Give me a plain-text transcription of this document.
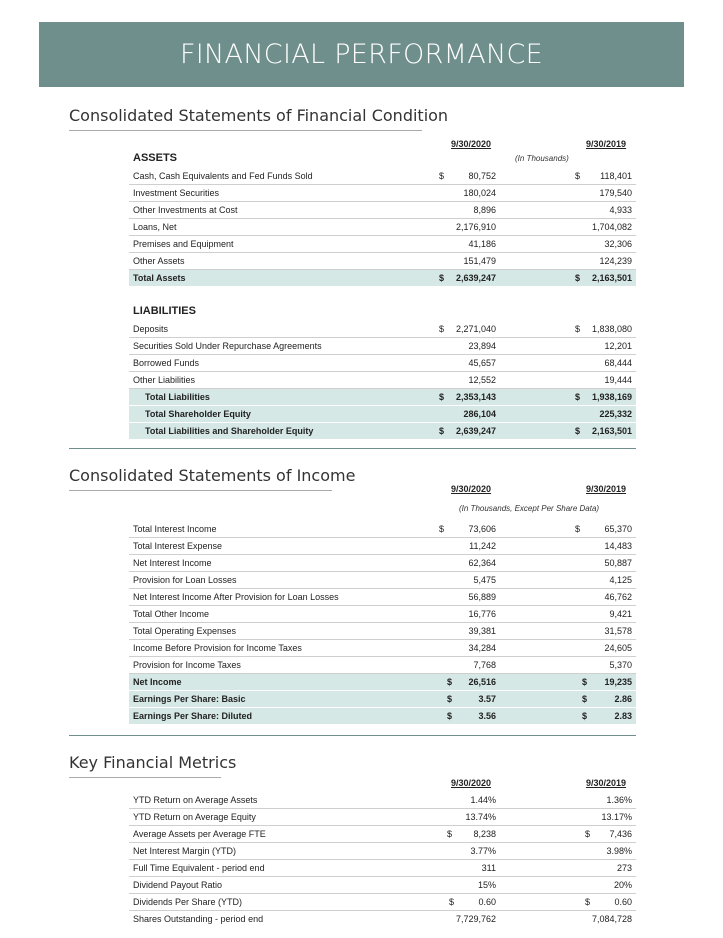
FINANCIAL PERFORMANCE
Consolidated Statements of Financial Condition
9/30/2020	9/30/2019
(In Thousands)
ASSETS
Cash, Cash Equivalents and Fed Funds Sold	$	80,752	$ 118,401
Investment Securities	180,024	179,540
Other Investments at Cost	8,896	4,933
Loans, Net	2,176,910	1,704,082
Premises and Equipment	41,186	32,306
Other Assets	151,479	124,239
Total Assets	$ 2,639,247	$ 2,163,501
LIABILITIES
Deposits	$ 2,271,040	$ 1,838,080
Securities Sold Under Repurchase Agreements	23,894	12,201
Borrowed Funds	45,657	68,444
Other Liabilities	12,552	19,444
Total Liabilities	$ 2,353,143	$ 1,938,169
Total Shareholder Equity	286,104	225,332
Total Liabilities and Shareholder Equity	$ 2,639,247	$ 2,163,501
Consolidated Statements of Income
9/30/2020	9/30/2019
(In Thousands, Except Per Share Data)
Total Interest Income	$	73,606	$	65,370
Total Interest Expense	11,242	14,483
Net Interest Income	62,364	50,887
Provision for Loan Losses	5,475	4,125
Net Interest Income After Provision for Loan Losses	56,889	46,762
Total Other Income	16,776	9,421
Total Operating Expenses	39,381	31,578
Income Before Provision for Income Taxes	34,284	24,605
Provision for Income Taxes	7,768	5,370
Net Income	$ 26,516	$ 19,235
Earnings Per Share: Basic	$	3.57	$	2.86
Earnings Per Share: Diluted	$	3.56	$	2.83
Key Financial Metrics
9/30/2020	9/30/2019
YTD Return on Average Assets	1.44%	1.36%
YTD Return on Average Equity	13.74%	13.17%
Average Assets per Average FTE	$ 8,238	$ 7,436
Net Interest Margin (YTD)	3.77%	3.98%
Full Time Equivalent - period end	311	273
Dividend Payout Ratio	15%	20%
Dividends Per Share (YTD)	$	0.60	$	0.60
Shares Outstanding - period end	7,729,762	7,084,728
